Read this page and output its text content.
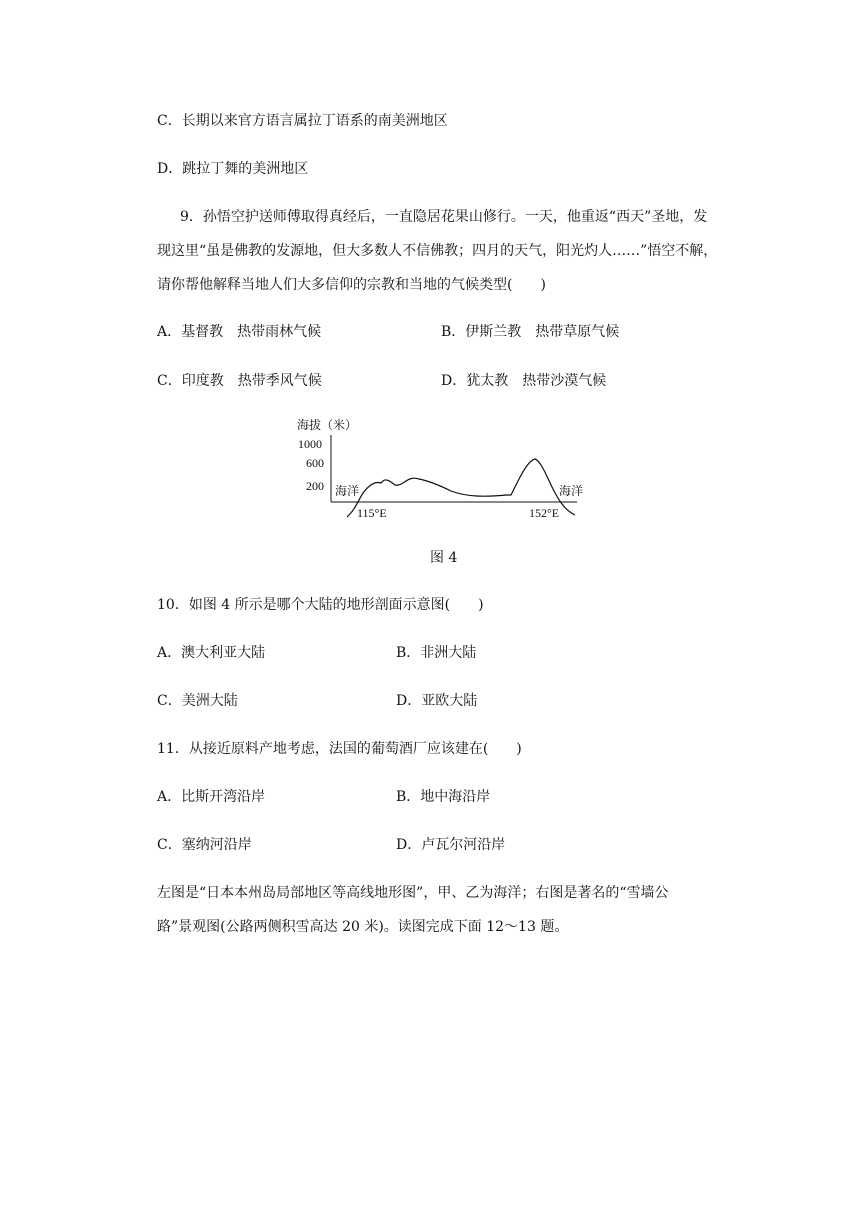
C．长期以来官方语言属拉丁语系的南美洲地区
D．跳拉丁舞的美洲地区
9．孙悟空护送师傅取得真经后，一直隐居花果山修行。一天，他重返“西天”圣地，发
现这里“虽是佛教的发源地，但大多数人不信佛教；四月的天气，阳光灼人……”悟空不解，
请你帮他解释当地人们大多信仰的宗教和当地的气候类型(　　)
A．基督教　热带雨林气候	B．伊斯兰教　热带草原气候
C．印度教　热带季风气候	D．犹太教　热带沙漠气候
海拔（米）
1000
600
200 海洋	海洋
115°E	152°E
图 4
10．如图 4 所示是哪个大陆的地形剖面示意图(　　)
A．澳大利亚大陆	B．非洲大陆
C．美洲大陆	D．亚欧大陆
11．从接近原料产地考虑，法国的葡萄酒厂应该建在(　　)
A．比斯开湾沿岸	B．地中海沿岸
C．塞纳河沿岸	D．卢瓦尔河沿岸
左图是“日本本州岛局部地区等高线地形图”，甲、乙为海洋；右图是著名的“雪墙公
路”景观图(公路两侧积雪高达 20 米)。读图完成下面 12～13 题。
